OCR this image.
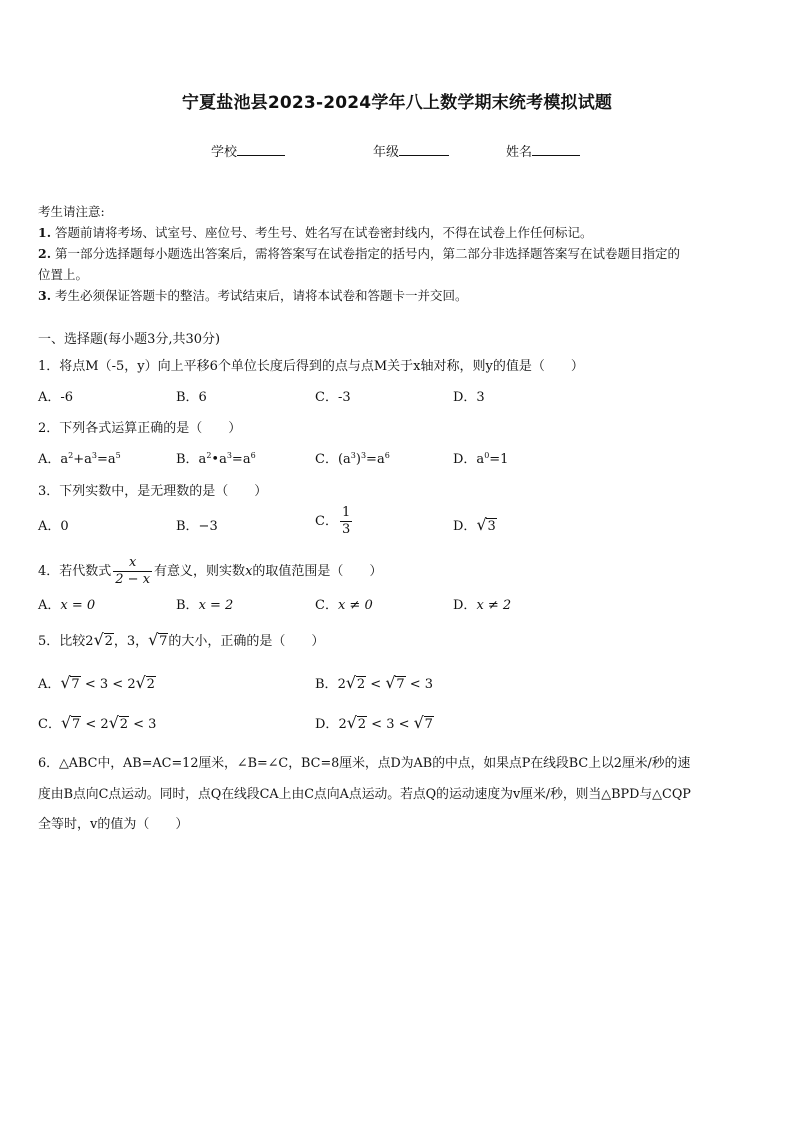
宁夏盐池县2023-2024学年八上数学期末统考模拟试题
学校	年级	姓名
考生请注意:
1. 答题前请将考场、试室号、座位号、考生号、姓名写在试卷密封线内，不得在试卷上作任何标记。
2. 第一部分选择题每小题选出答案后，需将答案写在试卷指定的括号内，第二部分非选择题答案写在试卷题目指定的
位置上。
3. 考生必须保证答题卡的整洁。考试结束后，请将本试卷和答题卡一并交回。
一、选择题(每小题3分,共30分)
1．将点M（-5，y）向上平移6个单位长度后得到的点与点M关于x轴对称，则y的值是（　　）
A．-6	B．6	C．-3	D．3
2．下列各式运算正确的是（　　）
A．$a^2+a^3=a^5$	B．$a^2•a^3=a^6$	C．$(a^3)^3=a^6$	D．$a^0=1$
3．下列实数中，是无理数的是（　　）
A．0	B．−3	C． $\frac{1}{3}$	D． √ 3
4．若代数式 $\frac{x}{2 - x}$ 有意义，则实数x的取值范围是（　　）
A．x = 0	B．x = 2	C．x ≠ 0	D．x ≠ 2
5．比较2 √ 2，3， √ 7的大小，正确的是（　　）
A． √ 7 < 3 < 2 √ 2	B．2 √ 2 < √ 7 < 3
C． √ 7 < 2 √ 2 < 3	D．2 √ 2 < 3 < √ 7
6．△ABC中，AB=AC=12厘米，∠B=∠C，BC=8厘米，点D为AB的中点，如果点P在线段BC上以2厘米/秒的速
度由B点向C点运动。同时，点Q在线段CA上由C点向A点运动。若点Q的运动速度为v厘米/秒，则当△BPD与△CQP
全等时，v的值为（　　）
